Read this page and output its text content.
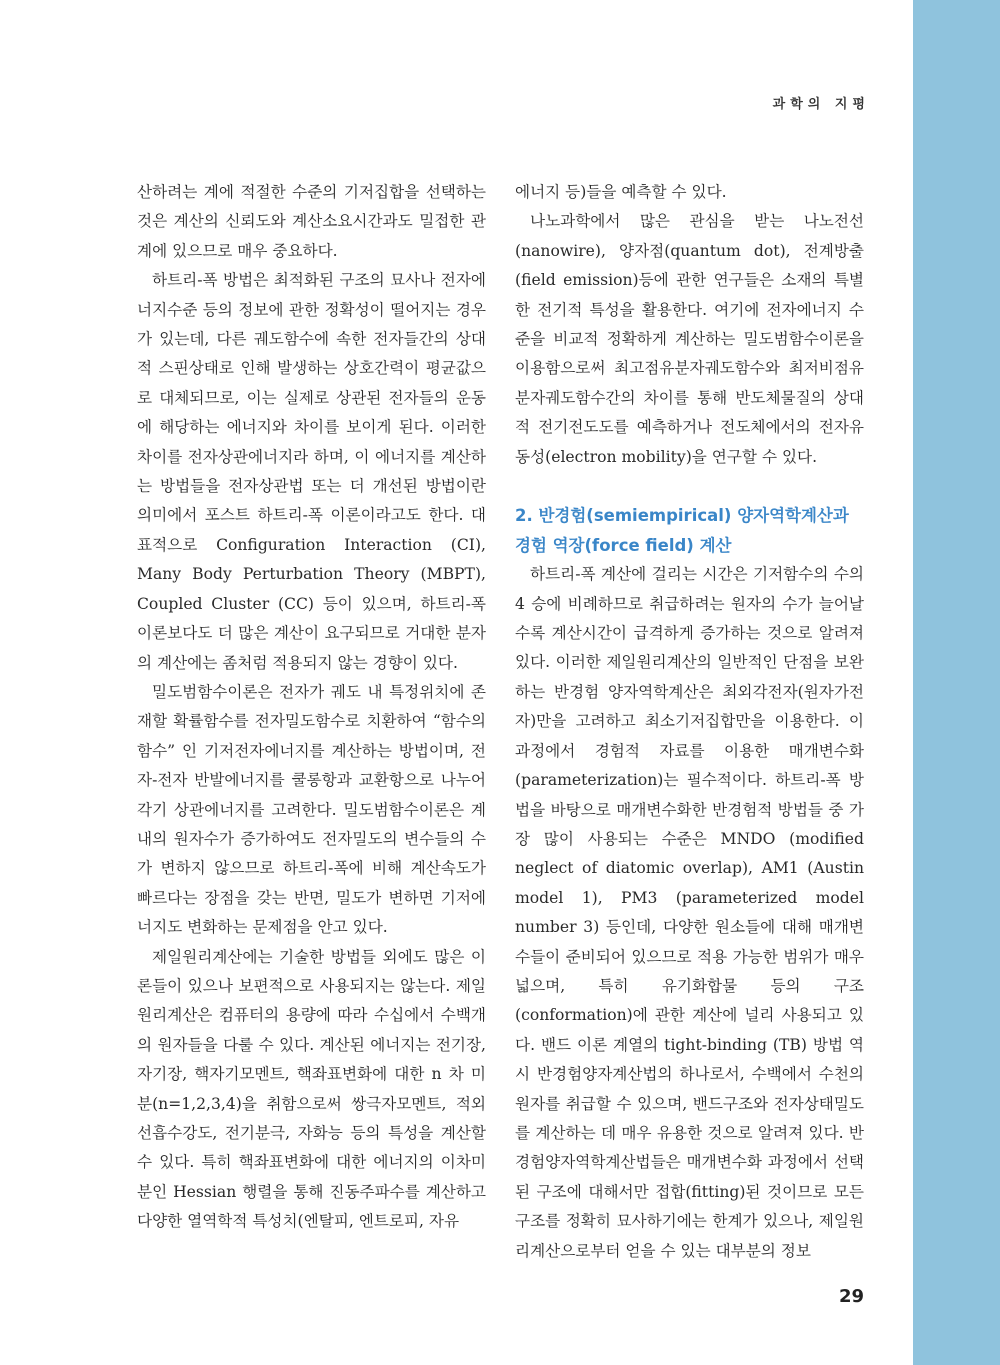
과학의 지평

산하려는 계에 적절한 수준의 기저집합을 선택하는 것은 계산의 신뢰도와 계산소요시간과도 밀접한 관계에 있으므로 매우 중요하다.

하트리-폭 방법은 최적화된 구조의 묘사나 전자에너지수준 등의 정보에 관한 정확성이 떨어지는 경우가 있는데, 다른 궤도함수에 속한 전자들간의 상대적 스핀상태로 인해 발생하는 상호간력이 평균값으로 대체되므로, 이는 실제로 상관된 전자들의 운동에 해당하는 에너지와 차이를 보이게 된다. 이러한 차이를 전자상관에너지라 하며, 이 에너지를 계산하는 방법들을 전자상관법 또는 더 개선된 방법이란 의미에서 포스트 하트리-폭 이론이라고도 한다. 대표적으로 Configuration Interaction (CI), Many Body Perturbation Theory (MBPT), Coupled Cluster (CC) 등이 있으며, 하트리-폭 이론보다도 더 많은 계산이 요구되므로 거대한 분자의 계산에는 좀처럼 적용되지 않는 경향이 있다.

밀도범함수이론은 전자가 궤도 내 특정위치에 존재할 확률함수를 전자밀도함수로 치환하여 “함수의 함수” 인 기저전자에너지를 계산하는 방법이며, 전자-전자 반발에너지를 쿨롱항과 교환항으로 나누어 각기 상관에너지를 고려한다. 밀도범함수이론은 계 내의 원자수가 증가하여도 전자밀도의 변수들의 수가 변하지 않으므로 하트리-폭에 비해 계산속도가 빠르다는 장점을 갖는 반면, 밀도가 변하면 기저에너지도 변화하는 문제점을 안고 있다.

제일원리계산에는 기술한 방법들 외에도 많은 이론들이 있으나 보편적으로 사용되지는 않는다. 제일원리계산은 컴퓨터의 용량에 따라 수십에서 수백개의 원자들을 다룰 수 있다. 계산된 에너지는 전기장, 자기장, 핵자기모멘트, 핵좌표변화에 대한 n 차 미분(n=1,2,3,4)을 취함으로써 쌍극자모멘트, 적외선흡수강도, 전기분극, 자화능 등의 특성을 계산할 수 있다. 특히 핵좌표변화에 대한 에너지의 이차미분인 Hessian 행렬을 통해 진동주파수를 계산하고 다양한 열역학적 특성치(엔탈피, 엔트로피, 자유

에너지 등)들을 예측할 수 있다.

나노과학에서 많은 관심을 받는 나노전선(nanowire), 양자점(quantum dot), 전계방출(field emission)등에 관한 연구들은 소재의 특별한 전기적 특성을 활용한다. 여기에 전자에너지 수준을 비교적 정확하게 계산하는 밀도범함수이론을 이용함으로써 최고점유분자궤도함수와 최저비점유분자궤도함수간의 차이를 통해 반도체물질의 상대적 전기전도도를 예측하거나 전도체에서의 전자유동성(electron mobility)을 연구할 수 있다.

2. 반경험(semiempirical) 양자역학계산과 경험 역장(force field) 계산

하트리-폭 계산에 걸리는 시간은 기저함수의 수의 4 승에 비례하므로 취급하려는 원자의 수가 늘어날수록 계산시간이 급격하게 증가하는 것으로 알려져 있다. 이러한 제일원리계산의 일반적인 단점을 보완하는 반경험 양자역학계산은 최외각전자(원자가전자)만을 고려하고 최소기저집합만을 이용한다. 이 과정에서 경험적 자료를 이용한 매개변수화(parameterization)는 필수적이다. 하트리-폭 방법을 바탕으로 매개변수화한 반경험적 방법들 중 가장 많이 사용되는 수준은 MNDO (modified neglect of diatomic overlap), AM1 (Austin model 1), PM3 (parameterized model number 3) 등인데, 다양한 원소들에 대해 매개변수들이 준비되어 있으므로 적용 가능한 범위가 매우 넓으며, 특히 유기화합물 등의 구조(conformation)에 관한 계산에 널리 사용되고 있다. 밴드 이론 계열의 tight-binding (TB) 방법 역시 반경험양자계산법의 하나로서, 수백에서 수천의 원자를 취급할 수 있으며, 밴드구조와 전자상태밀도를 계산하는 데 매우 유용한 것으로 알려져 있다. 반경험양자역학계산법들은 매개변수화 과정에서 선택된 구조에 대해서만 접합(fitting)된 것이므로 모든 구조를 정확히 묘사하기에는 한계가 있으나, 제일원리계산으로부터 얻을 수 있는 대부분의 정보

29
